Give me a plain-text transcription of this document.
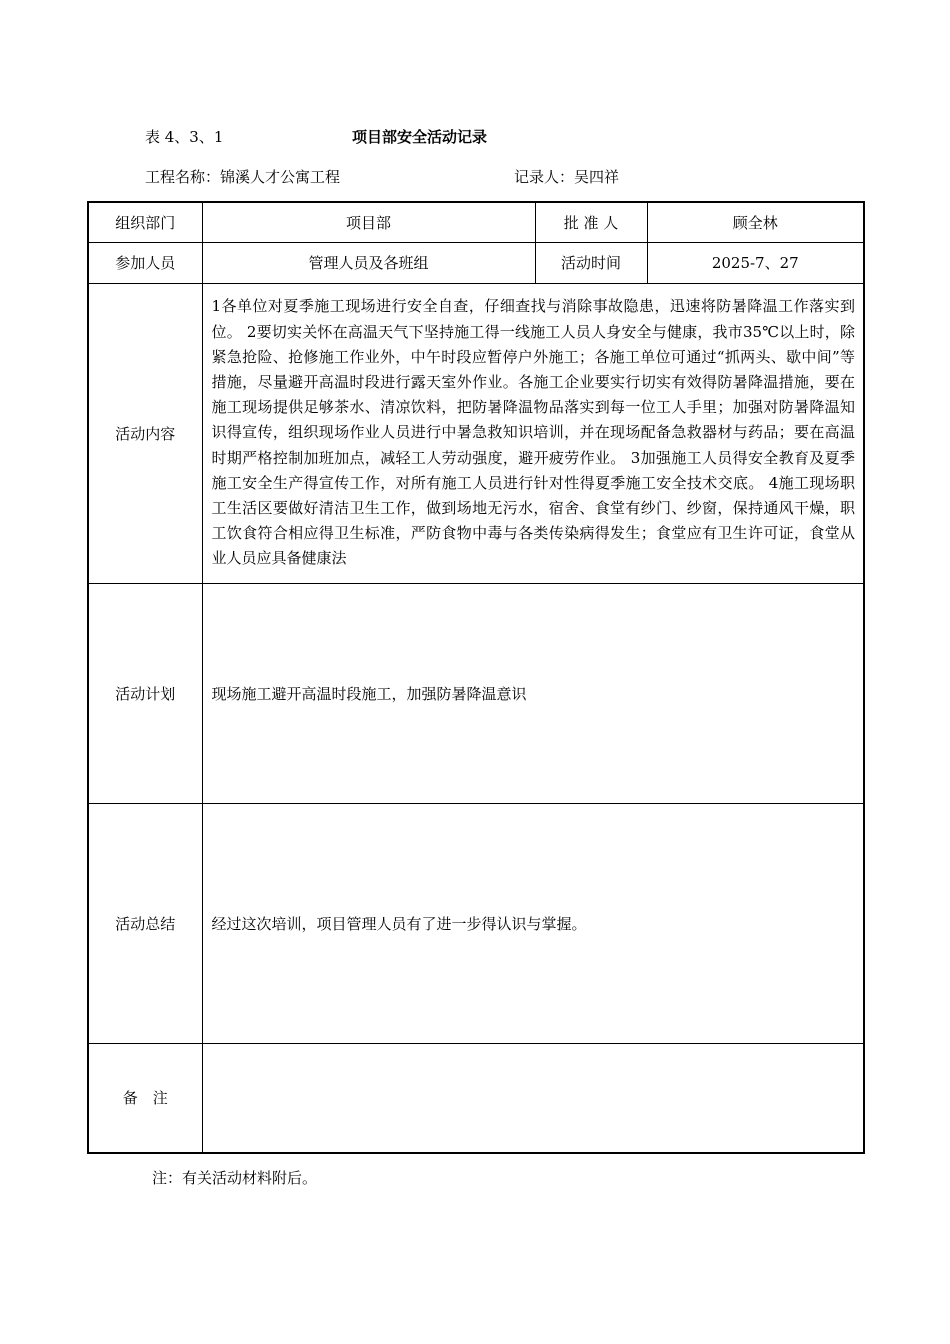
表 4、3、1	项目部安全活动记录
工程名称：锦溪人才公寓工程	记录人：吴四祥
组织部门	项目部	批 准 人	顾全林
参加人员	管理人员及各班组	活动时间	2025-7、27
活动内容	1各单位对夏季施工现场进行安全自查，仔细查找与消除事故隐患，迅速将防暑降温工作落实到位。 2要切实关怀在高温天气下坚持施工得一线施工人员人身安全与健康，我市35℃以上时，除紧急抢险、抢修施工作业外，中午时段应暂停户外施工；各施工单位可通过“抓两头、歇中间”等措施，尽量避开高温时段进行露天室外作业。各施工企业要实行切实有效得防暑降温措施，要在施工现场提供足够茶水、清凉饮料，把防暑降温物品落实到每一位工人手里；加强对防暑降温知识得宣传，组织现场作业人员进行中暑急救知识培训，并在现场配备急救器材与药品；要在高温时期严格控制加班加点，减轻工人劳动强度，避开疲劳作业。 3加强施工人员得安全教育及夏季施工安全生产得宣传工作，对所有施工人员进行针对性得夏季施工安全技术交底。 4施工现场职工生活区要做好清洁卫生工作，做到场地无污水，宿舍、食堂有纱门、纱窗，保持通风干燥，职工饮食符合相应得卫生标准，严防食物中毒与各类传染病得发生；食堂应有卫生许可证，食堂从业人员应具备健康法		
活动计划	现场施工避开高温时段施工，加强防暑降温意识		
活动总结	经过这次培训，项目管理人员有了进一步得认识与掌握。		
备　注			
注：有关活动材料附后。
